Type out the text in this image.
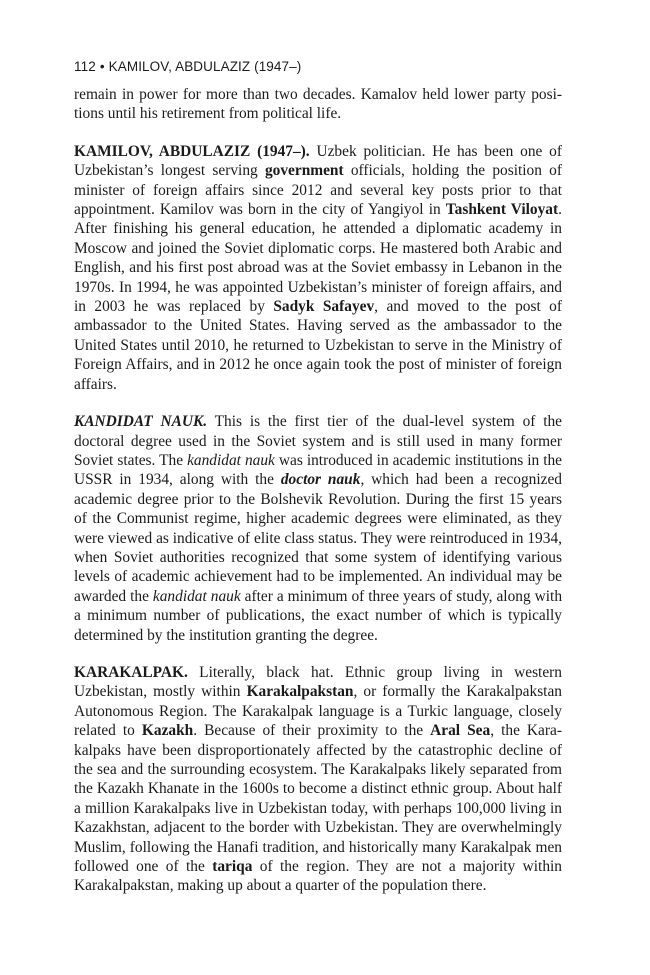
112 • KAMILOV, ABDULAZIZ (1947–)

remain in power for more than two decades. Kamalov held lower party positions until his retirement from political life.

KAMILOV, ABDULAZIZ (1947–). Uzbek politician. He has been one of Uzbekistan’s longest serving government officials, holding the position of minister of foreign affairs since 2012 and several key posts prior to that appointment. Kamilov was born in the city of Yangiyol in Tashkent Viloyat. After finishing his general education, he attended a diplomatic academy in Moscow and joined the Soviet diplomatic corps. He mastered both Arabic and English, and his first post abroad was at the Soviet embassy in Lebanon in the 1970s. In 1994, he was appointed Uzbekistan’s minister of foreign affairs, and in 2003 he was replaced by Sadyk Safayev, and moved to the post of ambassador to the United States. Having served as the ambassador to the United States until 2010, he returned to Uzbekistan to serve in the Ministry of Foreign Affairs, and in 2012 he once again took the post of minister of foreign affairs.

KANDIDAT NAUK. This is the first tier of the dual-level system of the doctoral degree used in the Soviet system and is still used in many former Soviet states. The kandidat nauk was introduced in academic institutions in the USSR in 1934, along with the doctor nauk, which had been a recognized academic degree prior to the Bolshevik Revolution. During the first 15 years of the Communist regime, higher academic degrees were eliminated, as they were viewed as indicative of elite class status. They were reintroduced in 1934, when Soviet authorities recognized that some system of identifying various levels of academic achievement had to be implemented. An individual may be awarded the kandidat nauk after a minimum of three years of study, along with a minimum number of publications, the exact number of which is typically determined by the institution granting the degree.

KARAKALPAK. Literally, black hat. Ethnic group living in western Uzbekistan, mostly within Karakalpakstan, or formally the Karakalpakstan Autonomous Region. The Karakalpak language is a Turkic language, closely related to Kazakh. Because of their proximity to the Aral Sea, the Karakalpaks have been disproportionately affected by the catastrophic decline of the sea and the surrounding ecosystem. The Karakalpaks likely separated from the Kazakh Khanate in the 1600s to become a distinct ethnic group. About half a million Karakalpaks live in Uzbekistan today, with perhaps 100,000 living in Kazakhstan, adjacent to the border with Uzbekistan. They are overwhelmingly Muslim, following the Hanafi tradition, and historically many Karakalpak men followed one of the tariqa of the region. They are not a majority within Karakalpakstan, making up about a quarter of the population there.
